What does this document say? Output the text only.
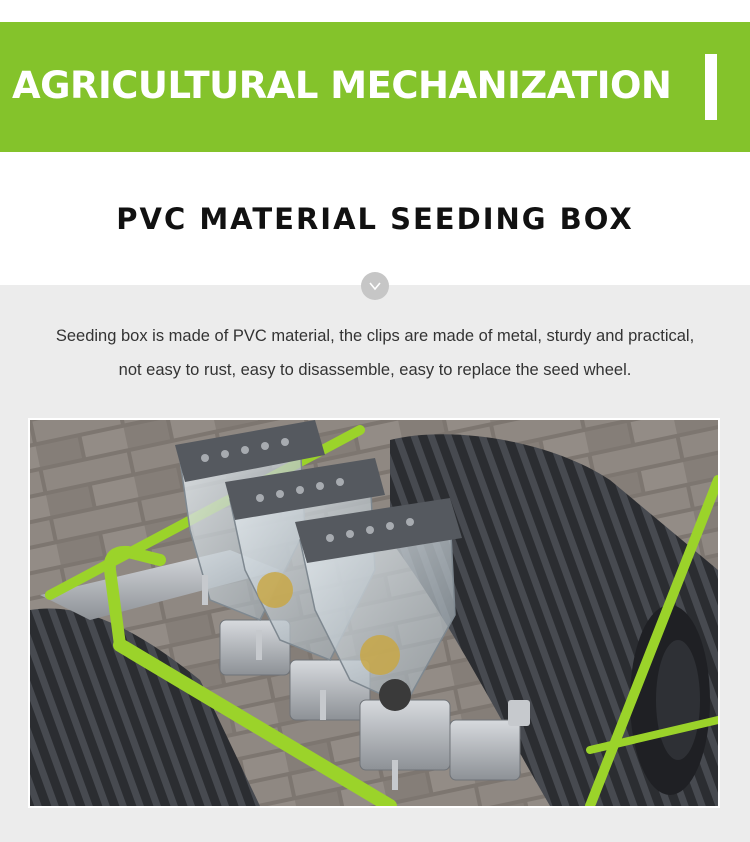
AGRICULTURAL MECHANIZATION
PVC MATERIAL SEEDING BOX
Seeding box is made of PVC material, the clips are made of metal, sturdy and practical,
not easy to rust, easy to disassemble, easy to replace the seed wheel.
